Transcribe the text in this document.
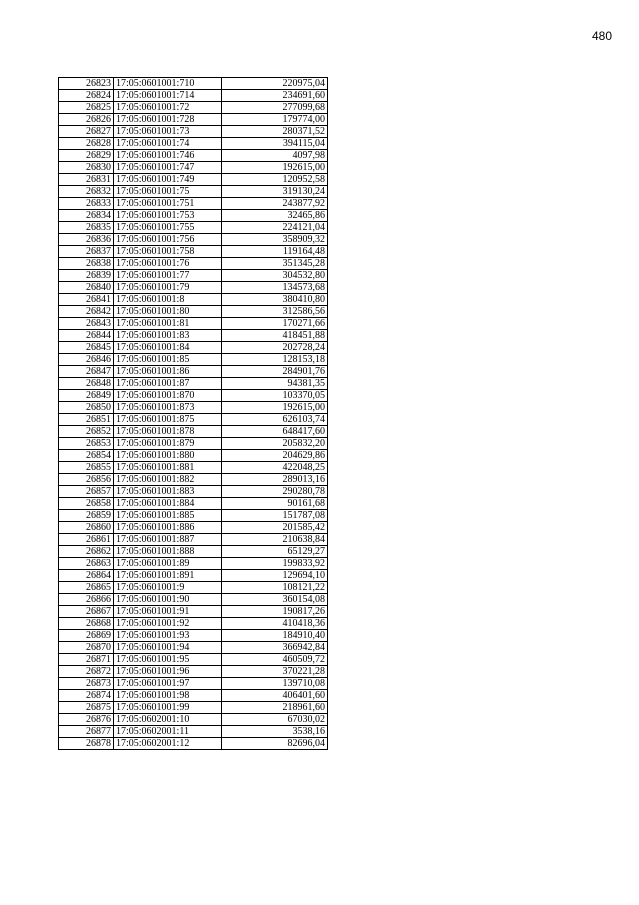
480
26823	17:05:0601001:710	220975,04
26824	17:05:0601001:714	234691,60
26825	17:05:0601001:72	277099,68
26826	17:05:0601001:728	179774,00
26827	17:05:0601001:73	280371,52
26828	17:05:0601001:74	394115,04
26829	17:05:0601001:746	4097,98
26830	17:05:0601001:747	192615,00
26831	17:05:0601001:749	120952,58
26832	17:05:0601001:75	319130,24
26833	17:05:0601001:751	243877,92
26834	17:05:0601001:753	32465,86
26835	17:05:0601001:755	224121,04
26836	17:05:0601001:756	358909,32
26837	17:05:0601001:758	119164,48
26838	17:05:0601001:76	351345,28
26839	17:05:0601001:77	304532,80
26840	17:05:0601001:79	134573,68
26841	17:05:0601001:8	380410,80
26842	17:05:0601001:80	312586,56
26843	17:05:0601001:81	170271,66
26844	17:05:0601001:83	418451,88
26845	17:05:0601001:84	202728,24
26846	17:05:0601001:85	128153,18
26847	17:05:0601001:86	284901,76
26848	17:05:0601001:87	94381,35
26849	17:05:0601001:870	103370,05
26850	17:05:0601001:873	192615,00
26851	17:05:0601001:875	626103,74
26852	17:05:0601001:878	648417,60
26853	17:05:0601001:879	205832,20
26854	17:05:0601001:880	204629,86
26855	17:05:0601001:881	422048,25
26856	17:05:0601001:882	289013,16
26857	17:05:0601001:883	290280,78
26858	17:05:0601001:884	90161,68
26859	17:05:0601001:885	151787,08
26860	17:05:0601001:886	201585,42
26861	17:05:0601001:887	210638,84
26862	17:05:0601001:888	65129,27
26863	17:05:0601001:89	199833,92
26864	17:05:0601001:891	129694,10
26865	17:05:0601001:9	108121,22
26866	17:05:0601001:90	360154,08
26867	17:05:0601001:91	190817,26
26868	17:05:0601001:92	410418,36
26869	17:05:0601001:93	184910,40
26870	17:05:0601001:94	366942,84
26871	17:05:0601001:95	460509,72
26872	17:05:0601001:96	370221,28
26873	17:05:0601001:97	139710,08
26874	17:05:0601001:98	406401,60
26875	17:05:0601001:99	218961,60
26876	17:05:0602001:10	67030,02
26877	17:05:0602001:11	3538,16
26878	17:05:0602001:12	82696,04
